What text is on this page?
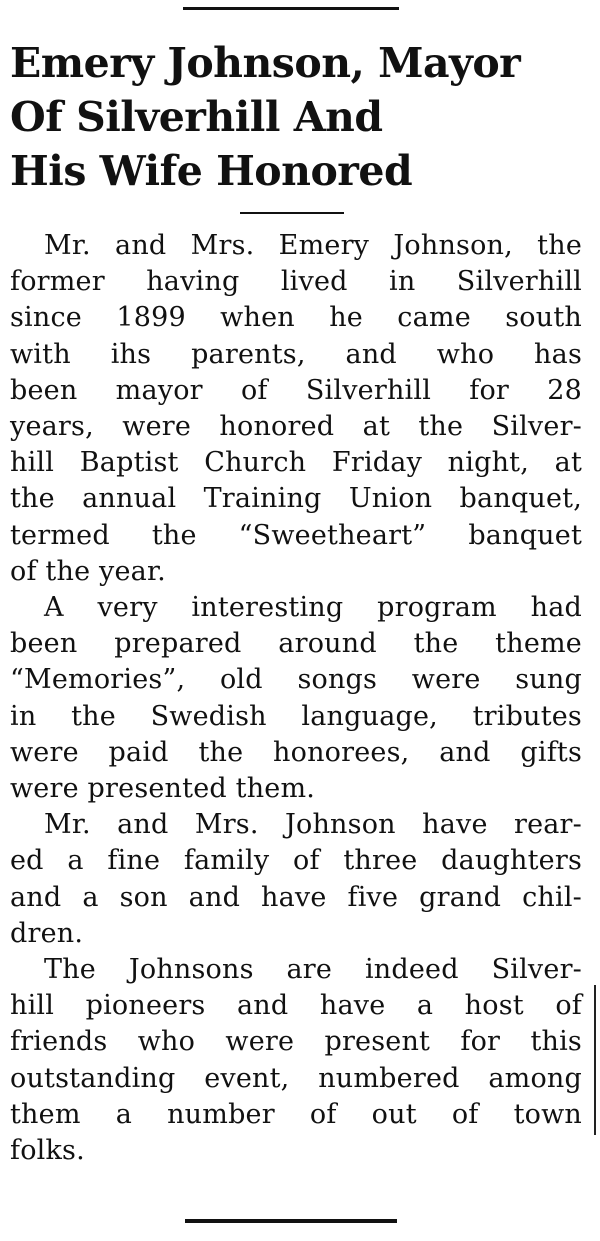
Emery Johnson, Mayor
Of Silverhill And
His Wife Honored

Mr. and Mrs. Emery Johnson, the
former having lived in Silverhill
since 1899 when he came south
with ihs parents, and who has
been mayor of Silverhill for 28
years, were honored at the Silver-
hill Baptist Church Friday night, at
the annual Training Union banquet,
termed the “Sweetheart” banquet
of the year.

A very interesting program had
been prepared around the theme
“Memories”, old songs were sung
in the Swedish language, tributes
were paid the honorees, and gifts
were presented them.

Mr. and Mrs. Johnson have rear-
ed a fine family of three daughters
and a son and have five grand chil-
dren.

The Johnsons are indeed Silver-
hill pioneers and have a host of
friends who were present for this
outstanding event, numbered among
them a number of out of town
folks.
